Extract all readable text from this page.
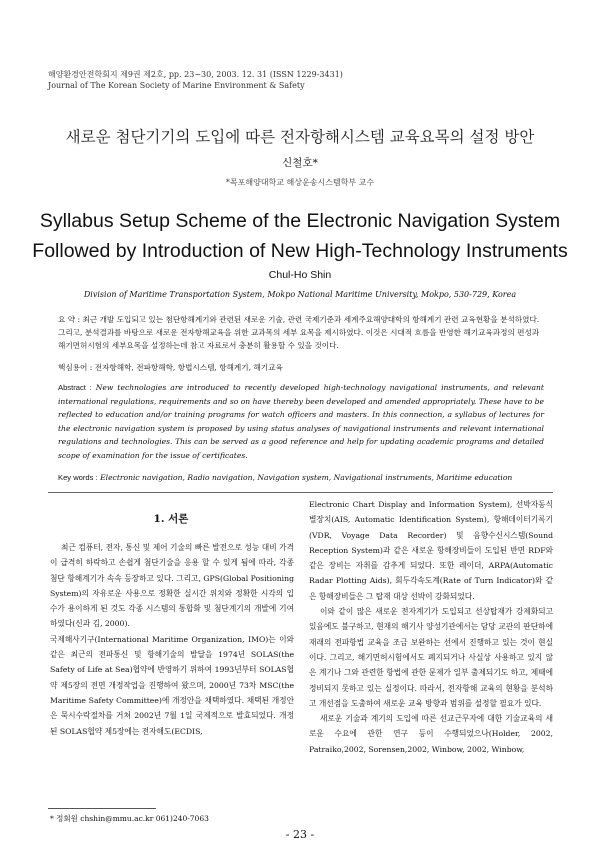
해양환경안전학회지 제9권 제2호, pp. 23~30, 2003. 12. 31 (ISSN 1229-3431)
Journal of The Korean Society of Marine Environment & Safety
새로운 첨단기기의 도입에 따른 전자항해시스템 교육요목의 설정 방안
신철호*
*목포해양대학교 해상운송시스템학부 교수
Syllabus Setup Scheme of the Electronic Navigation System
Followed by Introduction of New High-Technology Instruments
Chul-Ho Shin
Division of Maritime Transportation System, Mokpo National Maritime University, Mokpo, 530-729, Korea
요 약 : 최근 개발 도입되고 있는 첨단항해계기와 관련된 새로운 기술, 관련 국제기준과 세계주요해양대학의 항해계기 관련 교육현황을 분석하였다. 그리고, 분석결과를 바탕으로 새로운 전자항해교육을 위한 교과목의 세부 요목을 제시하였다. 이것은 시대적 흐름을 반영한 해기교육과정의 편성과 해기면허시험의 세부요목을 설정하는데 참고 자료로서 충분히 활용할 수 있을 것이다.
핵심용어 : 전자항해학, 전파항해학, 항법시스템, 항해계기, 해기교육
Abstract : New technologies are introduced to recently developed high-technology navigational instruments, and relevant international regulations, requirements and so on have thereby been developed and amended appropriately. These have to be reflected to education and/or training programs for watch officers and masters. In this connection, a syllabus of lectures for the electronic navigation system is proposed by using status analyses of navigational instruments and relevant international regulations and technologies. This can be served as a good reference and help for updating academic programs and detailed scope of examination for the issue of certificates.
Key words : Electronic navigation, Radio navigation, Navigation system, Navigational instruments, Maritime education
1. 서론

최근 컴퓨터, 전자, 통신 및 제어 기술의 빠른 발전으로 성능 대비 가격이 급격히 하락하고 손쉽게 첨단기술을 응용 할 수 있게 됨에 따라, 각종 첨단 항해계기가 속속 등장하고 있다. 그리고, GPS(Global Positioning System)의 자유로운 사용으로 정확한 실시간 위치와 정확한 시각의 입수가 용이하게 된 것도 각종 시스템의 통합화 및 첨단계기의 개발에 기여하였다(신과 김, 2000).

국제해사기구(International Maritime Organization, IMO)는 이와 같은 최근의 전파통신 및 항해기술의 발달을 1974년 SOLAS(the Safety of Life at Sea)협약에 반영하기 위하여 1993년부터 SOLAS협약 제5장의 전면 개정작업을 진행하여 왔으며, 2000년 73차 MSC(the Maritime Safety Committee)에 개정안을 채택하였다. 채택된 개정안은 묵시수락절차를 거쳐 2002년 7월 1일 국제적으로 발효되었다. 개정된 SOLAS협약 제5장에는 전자해도(ECDIS,

Electronic Chart Display and Information System), 선박자동식별장치(AIS, Automatic Identification System), 항해데이터기록기(VDR, Voyage Data Recorder) 및 음향수신시스템(Sound Reception System)과 같은 새로운 항해장비들이 도입된 반면 RDF와 같은 장비는 자취를 감추게 되었다. 또한 레이더, ARPA(Automatic Radar Plotting Aids), 회두각속도계(Rate of Turn Indicator)와 같은 항해장비들은 그 탑재 대상 선박이 강화되었다.

이와 같이 많은 새로운 전자계기가 도입되고 선상탑재가 강제화되고 있음에도 불구하고, 현재의 해기사 양성기관에서는 담당 교관의 판단하에 재래의 전파항법 교육을 조금 보완하는 선에서 진행하고 있는 것이 현실이다. 그리고, 해기면허시험에서도 폐지되거나 사실상 사용하고 있지 않은 계기나 그와 관련한 항법에 관한 문제가 일부 출제되기도 하고, 제때에 정비되지 못하고 있는 실정이다. 따라서, 전자항해 교육의 현황을 분석하고 개선점을 도출하여 새로운 교육 방향과 범위를 설정할 필요가 있다.

새로운 기술과 계기의 도입에 따른 선교근무자에 대한 기술교육의 새로운 수요에 관한 연구 등이 수행되었으나(Holder, 2002, Patraiko,2002, Sorensen,2002, Winbow, 2002, Winbow,

* 정회원 chshin@mmu.ac.kr 061)240-7063
- 23 -
